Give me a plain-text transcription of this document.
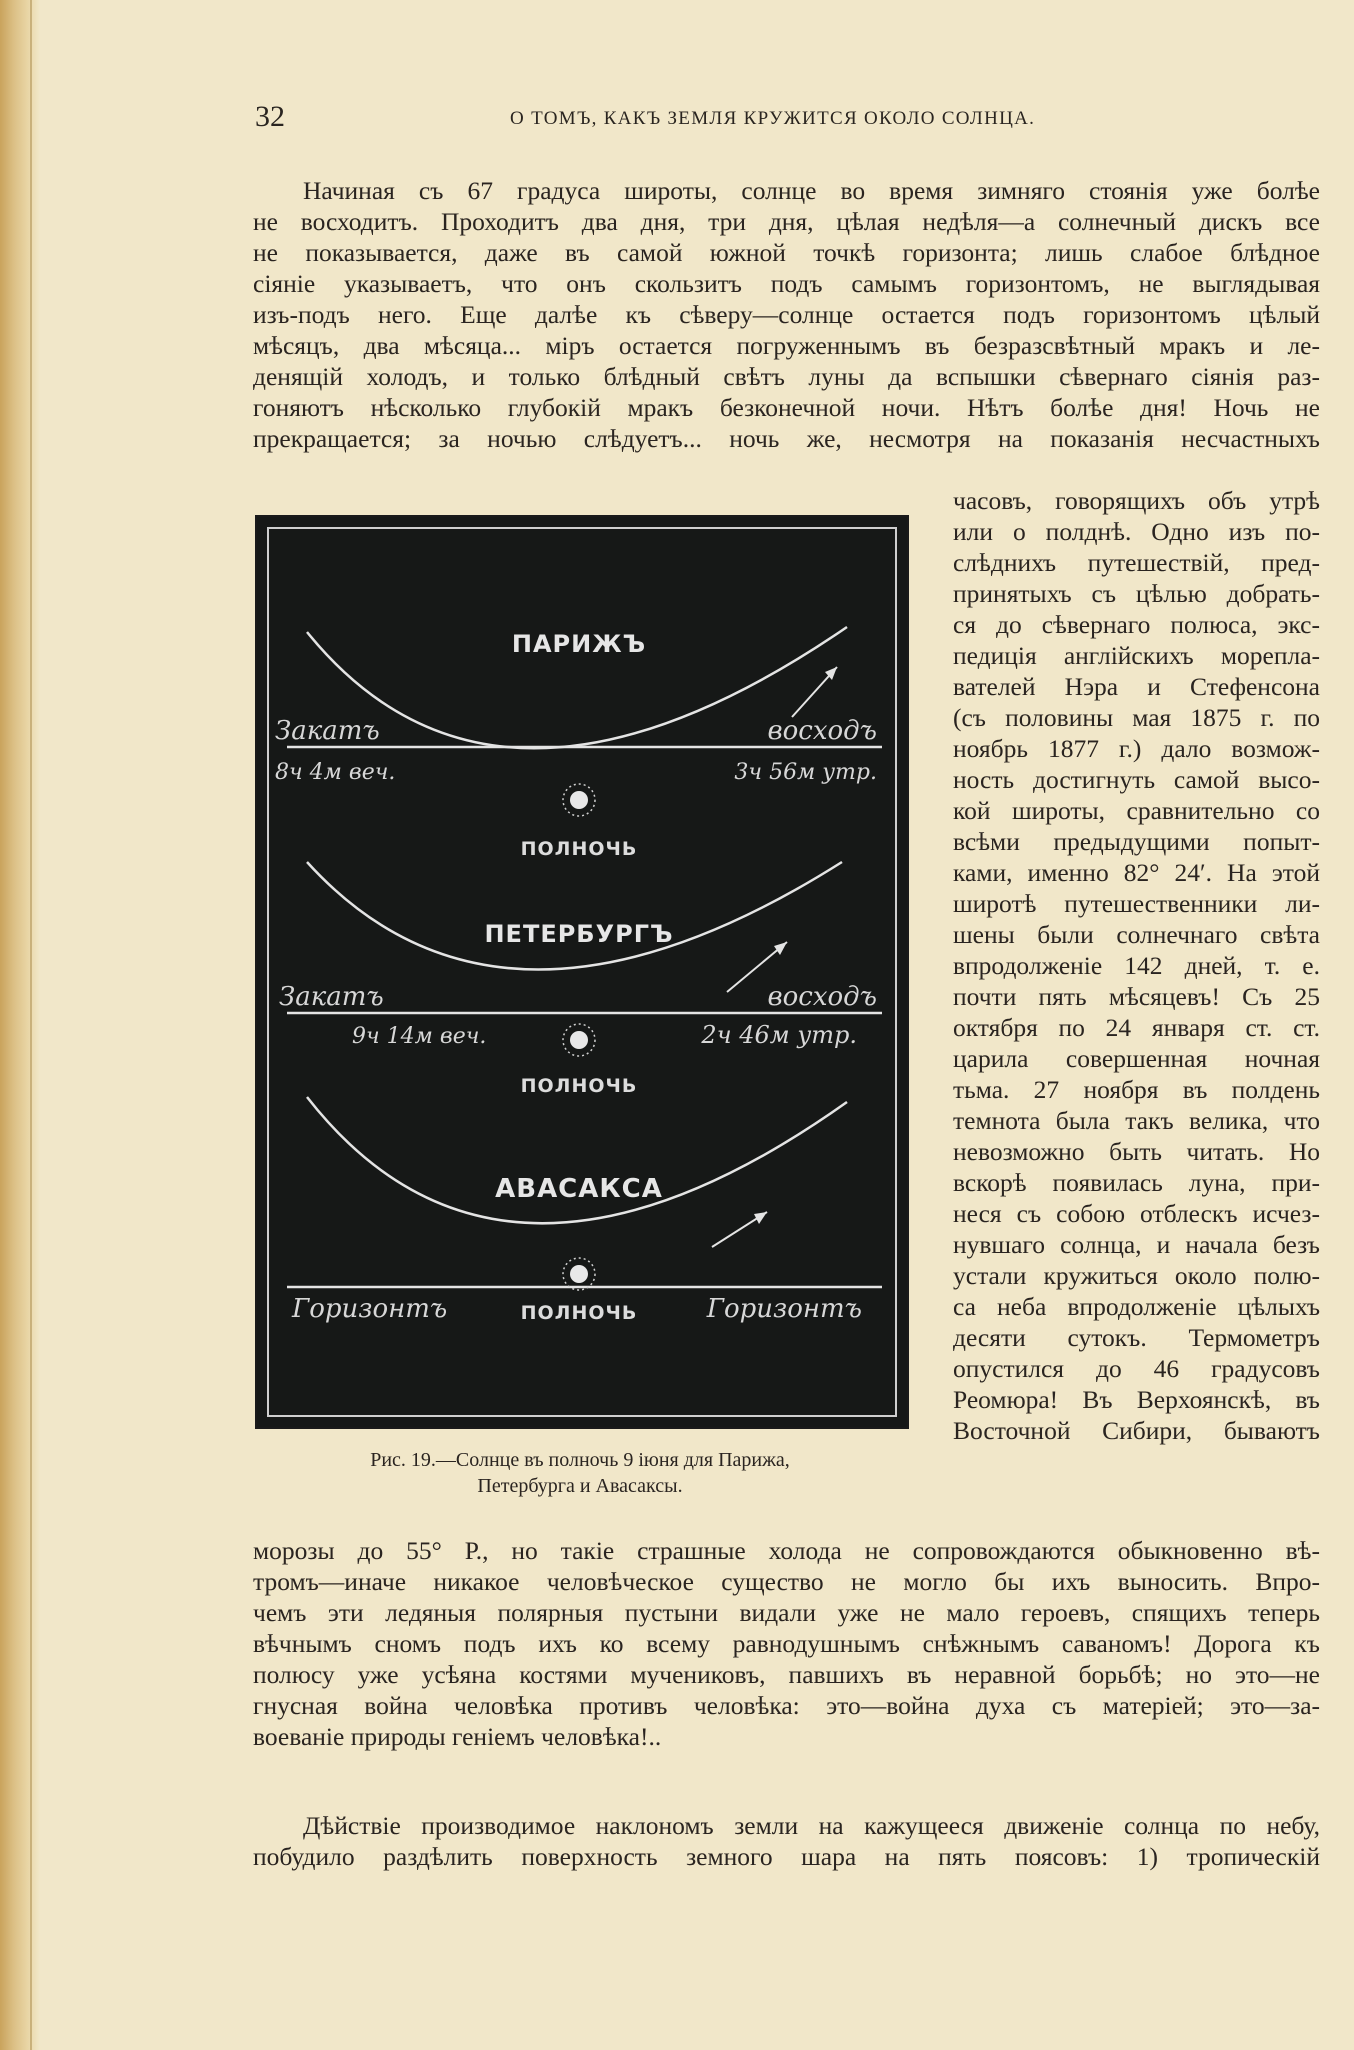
32	О ТОМЪ, КАКЪ ЗЕМЛЯ КРУЖИТСЯ ОКОЛО СОЛНЦА.
Начиная съ 67 градуса широты, солнце во время зимняго стоянія уже болѣе
не восходитъ. Проходитъ два дня, три дня, цѣлая недѣля—а солнечный дискъ все
не показывается, даже въ самой южной точкѣ горизонта; лишь слабое блѣдное
сіяніе указываетъ, что онъ скользитъ подъ самымъ горизонтомъ, не выглядывая
изъ-подъ него. Еще далѣе къ сѣверу—солнце остается подъ горизонтомъ цѣлый
мѣсяцъ, два мѣсяца... міръ остается погруженнымъ въ безразсвѣтный мракъ и ле-
денящій холодъ, и только блѣдный свѣтъ луны да вспышки сѣвернаго сіянія раз-
гоняютъ нѣсколько глубокій мракъ безконечной ночи. Нѣтъ болѣе дня! Ночь не
прекращается; за ночью слѣдуетъ... ночь же, несмотря на показанія несчастныхъ
ПАРИЖЪ
Закатъ	восходъ
8ч 4м веч.	3ч 56м утр.
ПОЛНОЧЬ
ПЕТЕРБУРГЪ
Закатъ	восходъ
9ч 14м веч.	2ч 46м утр.
ПОЛНОЧЬ
АВАСАКСА
Горизонтъ	Горизонтъ
ПОЛНОЧЬ
Рис. 19.—Солнце въ полночь 9 іюня для Парижа,
Петербурга и Авасаксы.
часовъ, говорящихъ объ утрѣ
или о полднѣ. Одно изъ по-
слѣднихъ путешествій, пред-
принятыхъ съ цѣлью добрать-
ся до сѣвернаго полюса, экс-
педиція англійскихъ морепла-
вателей Нэра и Стефенсона
(съ половины мая 1875 г. по
ноябрь 1877 г.) дало возмож-
ность достигнуть самой высо-
кой широты, сравнительно со
всѣми предыдущими попыт-
ками, именно 82° 24′. На этой
широтѣ путешественники ли-
шены были солнечнаго свѣта
впродолженіе 142 дней, т. е.
почти пять мѣсяцевъ! Съ 25
октября по 24 января ст. ст.
царила совершенная ночная
тьма. 27 ноября въ полдень
темнота была такъ велика, что
невозможно быть читать. Но
вскорѣ появилась луна, при-
неся съ собою отблескъ исчез-
нувшаго солнца, и начала безъ
устали кружиться около полю-
са неба впродолженіе цѣлыхъ
десяти сутокъ. Термометръ
опустился до 46 градусовъ
Реомюра! Въ Верхоянскѣ, въ
Восточной Сибири, бываютъ
морозы до 55° Р., но такіе страшные холода не сопровождаются обыкновенно вѣ-
тромъ—иначе никакое человѣческое существо не могло бы ихъ выносить. Впро-
чемъ эти ледяныя полярныя пустыни видали уже не мало героевъ, спящихъ теперь
вѣчнымъ сномъ подъ ихъ ко всему равнодушнымъ снѣжнымъ саваномъ! Дорога къ
полюсу уже усѣяна костями мучениковъ, павшихъ въ неравной борьбѣ; но это—не
гнусная война человѣка противъ человѣка: это—война духа съ матеріей; это—за-
воеваніе природы геніемъ человѣка!..
Дѣйствіе производимое наклономъ земли на кажущееся движеніе солнца по небу,
побудило раздѣлить поверхность земного шара на пять поясовъ: 1) тропическій
